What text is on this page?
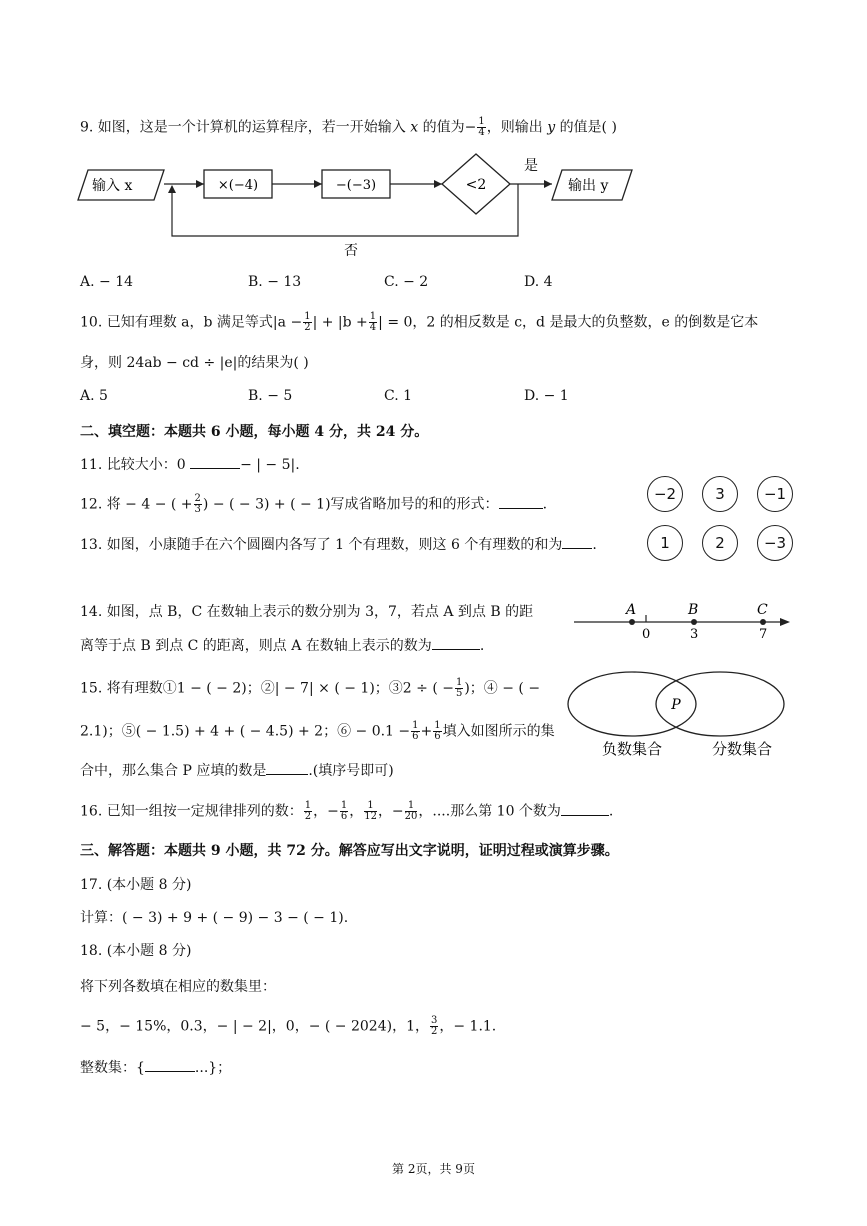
9. 如图，这是一个计算机的运算程序，若一开始输入 x 的值为− $\frac{1}{4}$ ，则输出 y 的值是( )
输入 x	×(−4)	−(−3)	<2
是
输出 y
否
A. − 14	B. − 13	C. − 2	D. 4
10. 已知有理数 a，b 满足等式$|a - \frac{1}{2}$ | + $|b + \frac{1}{4}$ | = 0，2 的相反数是 c，d 是最大的负整数，e 的倒数是它本
身，则 24ab − cd ÷ |e|的结果为( )
A. 5	B. − 5	C. 1	D. − 1
二、填空题：本题共 6 小题，每小题 4 分，共 24 分。
11. 比较大小：0	− | − 5|.
12. 将 − 4 − ( + $\frac{2}{3}$ ) − ( − 3) + ( − 1)写成省略加号的和的形式：	.
13. 如图，小康随手在六个圆圈内各写了 1 个有理数，则这 6 个有理数的和为 .
−2	3	−1
1	2	−3
14. 如图，点 B，C 在数轴上表示的数分别为 3，7，若点 A 到点 B 的距
离等于点 B 到点 C 的距离，则点 A 在数轴上表示的数为	.
A	B	C
0	3	7
15. 将有理数①1 − ( − 2)；②| − 7| × ( − 1)；③2 ÷ ( − $\frac{1}{5}$ )；④ − ( −
2.1)；⑤( − 1.5) + 4 + ( − 4.5) + 2；⑥ − $0.1 - \frac{1}{6} + \frac{1}{6}$ 填入如图所示的集
合中，那么集合 P 应填的数是	.(填序号即可)
P
负数集合	分数集合
16. 已知一组按一定规律排列的数： $\frac{1}{2}$ ，− $\frac{1}{6}$ ， $\frac{1}{12}$ ，− $\frac{1}{20}$ ，....那么第 10 个数为	.
三、解答题：本题共 9 小题，共 72 分。解答应写出文字说明，证明过程或演算步骤。
17. (本小题 8 分)
计算：( − 3) + 9 + ( − 9) − 3 − ( − 1).
18. (本小题 8 分)
将下列各数填在相应的数集里：
− 5，− 15%，0.3，− | − 2|，0，− ( − 2024)，1， $\frac{3}{2}$ ，− 1.1.
整数集：{	...}；
第 2页，共 9页
